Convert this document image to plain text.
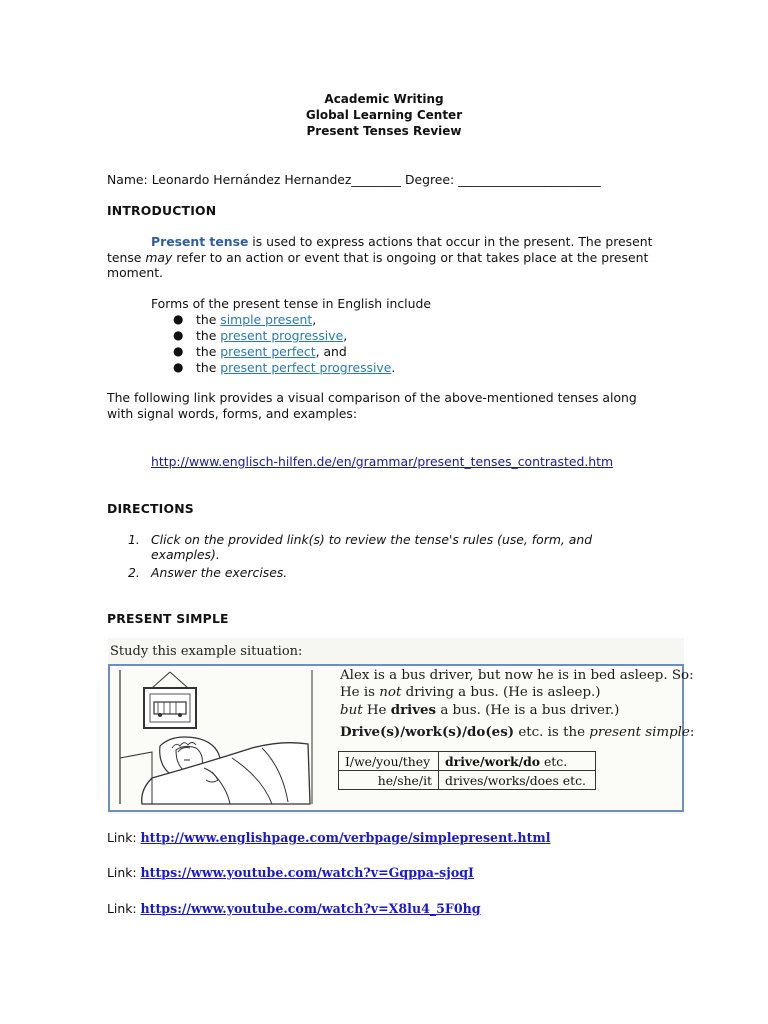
Academic Writing
Global Learning Center
Present Tenses Review
Name: Leonardo Hernández Hernandez________ Degree: _______________________
INTRODUCTION
Present tense is used to express actions that occur in the present. The present
tense may refer to an action or event that is ongoing or that takes place at the present
moment.
Forms of the present tense in English include
● the simple present,
● the present progressive,
● the present perfect, and
● the present perfect progressive.
The following link provides a visual comparison of the above-mentioned tenses along
with signal words, forms, and examples:
http://www.englisch-hilfen.de/en/grammar/present_tenses_contrasted.htm
DIRECTIONS
1. Click on the provided link(s) to review the tense's rules (use, form, and
examples).
2. Answer the exercises.
PRESENT SIMPLE
Study this example situation:
Alex is a bus driver, but now he is in bed asleep. So:
He is not driving a bus. (He is asleep.)
but He drives a bus. (He is a bus driver.)
Drive(s)/work(s)/do(es) etc. is the present simple:
I/we/you/they	drive/work/do etc.
he/she/it	drives/works/does etc.
Link: http://www.englishpage.com/verbpage/simplepresent.html
Link: https://www.youtube.com/watch?v=Gqppa-sjoqI
Link: https://www.youtube.com/watch?v=X8lu4_5F0hg
